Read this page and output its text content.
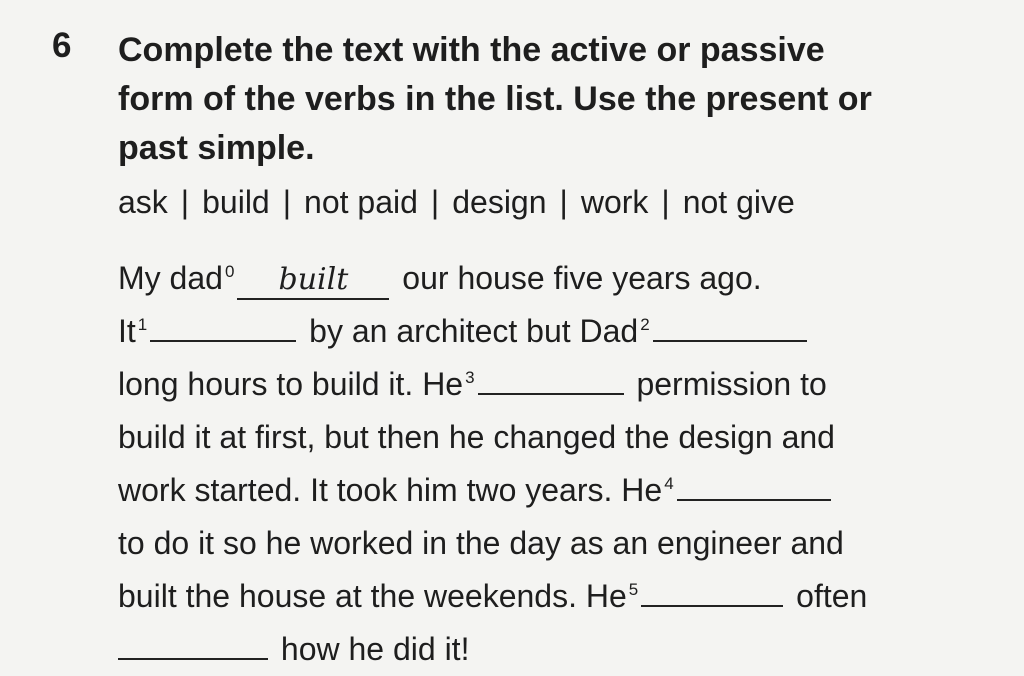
6 Complete the text with the active or passive
form of the verbs in the list. Use the present or
past simple.
ask | build | not paid | design | work | not give
My dad $^0$ built our house five years ago.
It $^1$	by an architect but Dad $^2$
long hours to build it. He $^3$	permission to
build it at first, but then he changed the design and
work started. It took him two years. He $^4$
to do it so he worked in the day as an engineer and
built the house at the weekends. He $^5$	often
how he did it!
